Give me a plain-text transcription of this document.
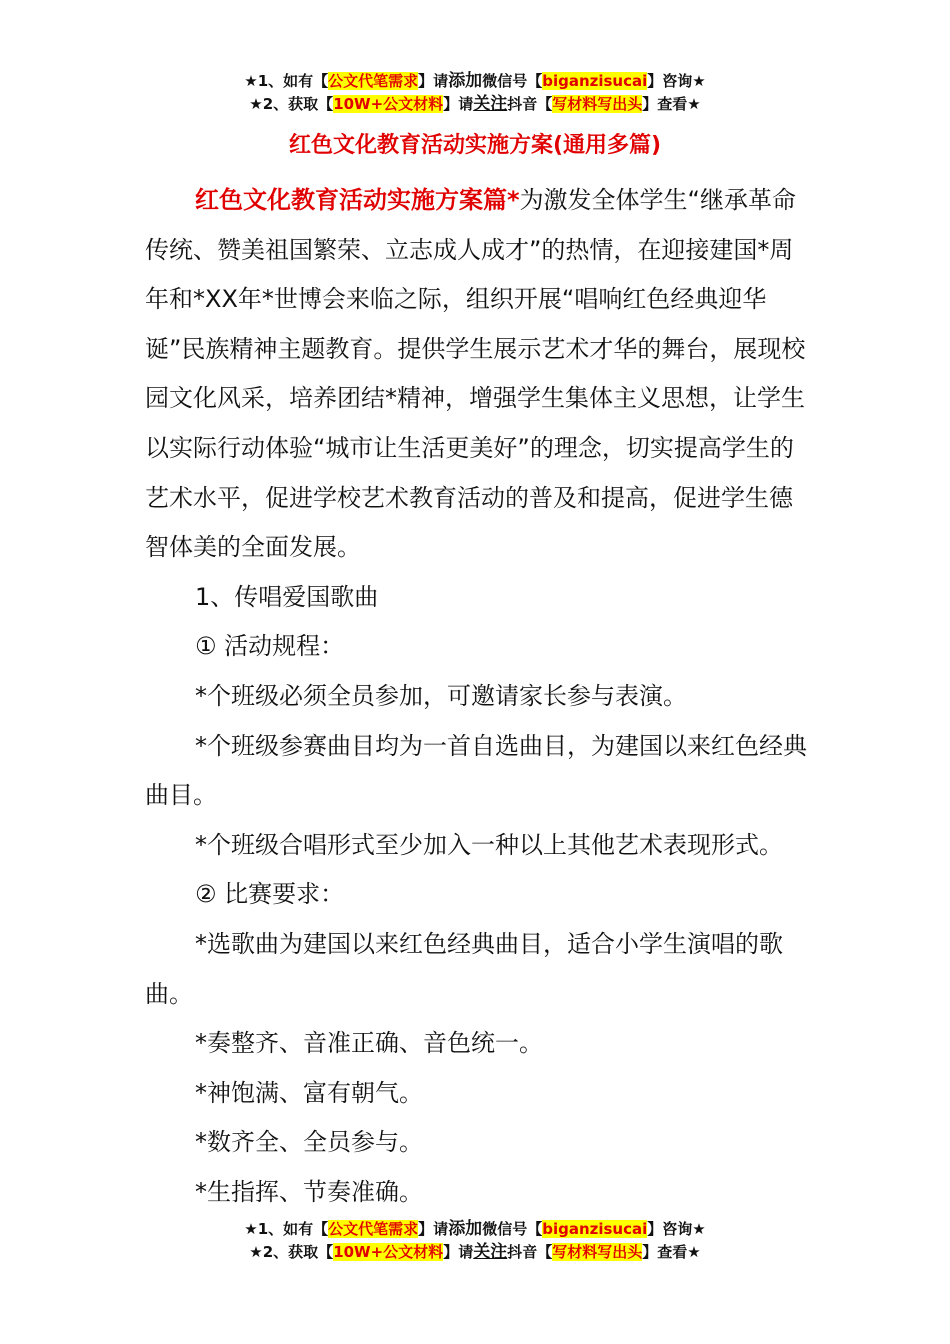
★1、如有【公文代笔需求】请添加微信号【biganzisucai】咨询★
★2、获取【10W+公文材料】请关注抖音【写材料写出头】查看★
红色文化教育活动实施方案(通用多篇)

红色文化教育活动实施方案篇*为激发全体学生“继承革命传统、赞美祖国繁荣、立志成人成才”的热情，在迎接建国*周年和*XX年*世博会来临之际，组织开展“唱响红色经典迎华诞”民族精神主题教育。提供学生展示艺术才华的舞台，展现校园文化风采，培养团结*精神，增强学生集体主义思想，让学生以实际行动体验“城市让生活更美好”的理念，切实提高学生的艺术水平，促进学校艺术教育活动的普及和提高，促进学生德智体美的全面发展。

1、传唱爱国歌曲

① 活动规程：

*个班级必须全员参加，可邀请家长参与表演。

*个班级参赛曲目均为一首自选曲目，为建国以来红色经典曲目。

*个班级合唱形式至少加入一种以上其他艺术表现形式。

② 比赛要求：

*选歌曲为建国以来红色经典曲目，适合小学生演唱的歌曲。

*奏整齐、音准正确、音色统一。

*神饱满、富有朝气。

*数齐全、全员参与。

*生指挥、节奏准确。

★1、如有【公文代笔需求】请添加微信号【biganzisucai】咨询★
★2、获取【10W+公文材料】请关注抖音【写材料写出头】查看★
